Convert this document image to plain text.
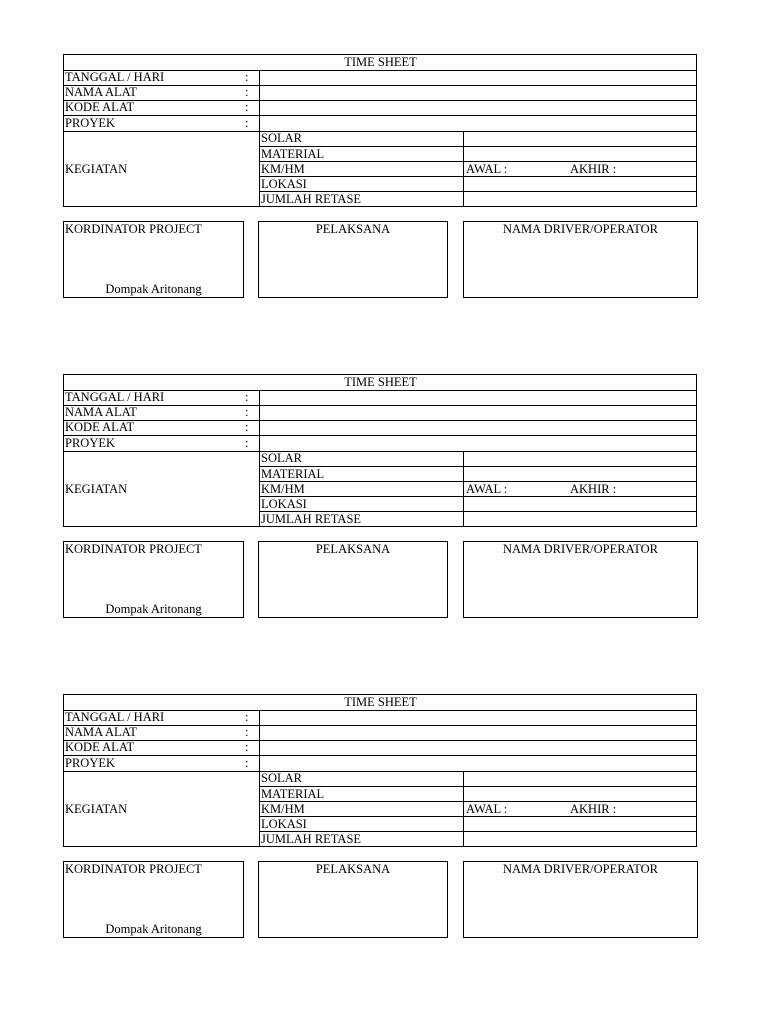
TIME SHEET
TANGGAL / HARI	:
NAMA ALAT	:
KODE ALAT	:
PROYEK	:
KEGIATAN
SOLAR
MATERIAL
KM/HM	AWAL :	AKHIR :
LOKASI
JUMLAH RETASE
KORDINATOR PROJECT
Dompak Aritonang
PELAKSANA	NAMA DRIVER/OPERATOR
TIME SHEET
TANGGAL / HARI	:
NAMA ALAT	:
KODE ALAT	:
PROYEK	:
KEGIATAN
SOLAR
MATERIAL
KM/HM	AWAL :	AKHIR :
LOKASI
JUMLAH RETASE
KORDINATOR PROJECT
Dompak Aritonang
PELAKSANA	NAMA DRIVER/OPERATOR
TIME SHEET
TANGGAL / HARI	:
NAMA ALAT	:
KODE ALAT	:
PROYEK	:
KEGIATAN
SOLAR
MATERIAL
KM/HM	AWAL :	AKHIR :
LOKASI
JUMLAH RETASE
KORDINATOR PROJECT
Dompak Aritonang
PELAKSANA	NAMA DRIVER/OPERATOR
